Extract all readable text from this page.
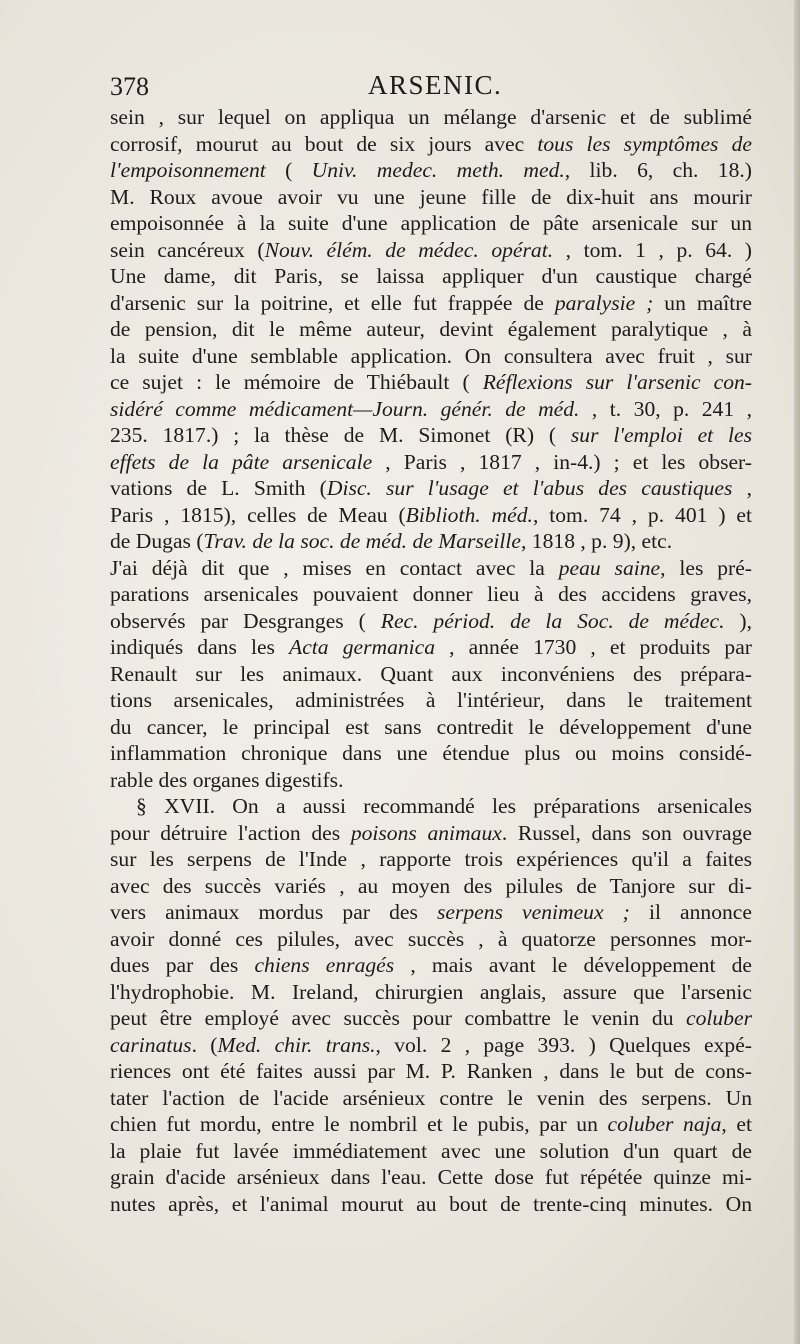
378	ARSENIC.
sein , sur lequel on appliqua un mélange d'arsenic et de sublimé
corrosif, mourut au bout de six jours avec tous les symptômes de
l'empoisonnement ( Univ. medec. meth. med., lib. 6, ch. 18.)
M. Roux avoue avoir vu une jeune fille de dix-huit ans mourir
empoisonnée à la suite d'une application de pâte arsenicale sur un
sein cancéreux (Nouv. élém. de médec. opérat. , tom. 1 , p. 64. )
Une dame, dit Paris, se laissa appliquer d'un caustique chargé
d'arsenic sur la poitrine, et elle fut frappée de paralysie ; un maître
de pension, dit le même auteur, devint également paralytique , à
la suite d'une semblable application. On consultera avec fruit , sur
ce sujet : le mémoire de Thiébault ( Réflexions sur l'arsenic con-
sidéré comme médicament—Journ. génér. de méd. , t. 30, p. 241 ,
235. 1817.) ; la thèse de M. Simonet (R) ( sur l'emploi et les
effets de la pâte arsenicale , Paris , 1817 , in-4.) ; et les obser-
vations de L. Smith (Disc. sur l'usage et l'abus des caustiques ,
Paris , 1815), celles de Meau (Biblioth. méd., tom. 74 , p. 401 ) et
de Dugas (Trav. de la soc. de méd. de Marseille, 1818 , p. 9), etc.
J'ai déjà dit que , mises en contact avec la peau saine, les pré-
parations arsenicales pouvaient donner lieu à des accidens graves,
observés par Desgranges ( Rec. périod. de la Soc. de médec. ),
indiqués dans les Acta germanica , année 1730 , et produits par
Renault sur les animaux. Quant aux inconvéniens des prépara-
tions arsenicales, administrées à l'intérieur, dans le traitement
du cancer, le principal est sans contredit le développement d'une
inflammation chronique dans une étendue plus ou moins considé-
rable des organes digestifs.
§ XVII. On a aussi recommandé les préparations arsenicales
pour détruire l'action des poisons animaux. Russel, dans son ouvrage
sur les serpens de l'Inde , rapporte trois expériences qu'il a faites
avec des succès variés , au moyen des pilules de Tanjore sur di-
vers animaux mordus par des serpens venimeux ; il annonce
avoir donné ces pilules, avec succès , à quatorze personnes mor-
dues par des chiens enragés , mais avant le développement de
l'hydrophobie. M. Ireland, chirurgien anglais, assure que l'arsenic
peut être employé avec succès pour combattre le venin du coluber
carinatus. (Med. chir. trans., vol. 2 , page 393. ) Quelques expé-
riences ont été faites aussi par M. P. Ranken , dans le but de cons-
tater l'action de l'acide arsénieux contre le venin des serpens. Un
chien fut mordu, entre le nombril et le pubis, par un coluber naja, et
la plaie fut lavée immédiatement avec une solution d'un quart de
grain d'acide arsénieux dans l'eau. Cette dose fut répétée quinze mi-
nutes après, et l'animal mourut au bout de trente-cinq minutes. On
